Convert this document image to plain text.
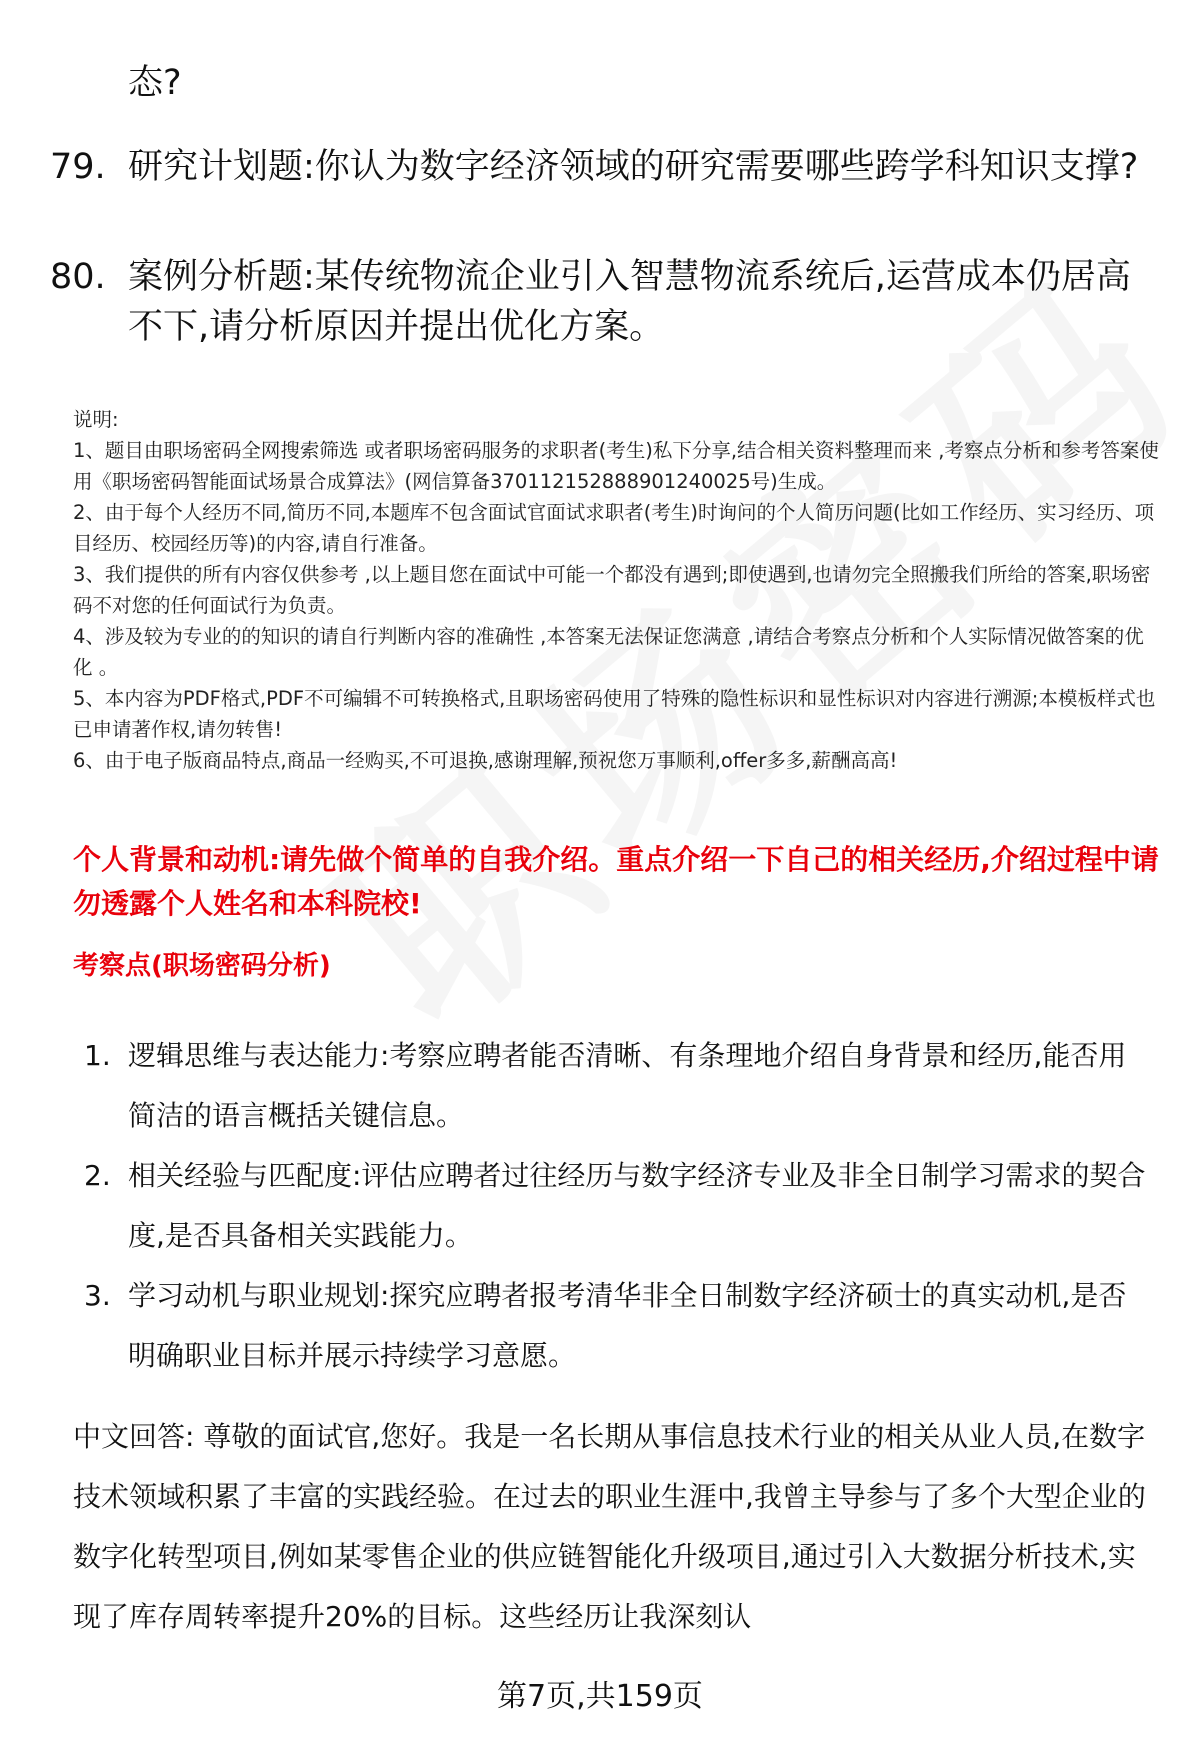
态?
79. 研究计划题:你认为数字经济领域的研究需要哪些跨学科知识支撑?
80. 案例分析题:某传统物流企业引入智慧物流系统后,运营成本仍居高不下,请分析原因并提出优化方案。

说明:

1、题目由职场密码全网搜索筛选 或者职场密码服务的求职者(考生)私下分享,结合相关资料整理而来 ,考察点分析和参考答案使用《职场密码智能面试场景合成算法》(网信算备370112152888901240025号)生成。

2、由于每个人经历不同,简历不同,本题库不包含面试官面试求职者(考生)时询问的个人简历问题(比如工作经历、实习经历、项目经历、校园经历等)的内容,请自行准备。

3、我们提供的所有内容仅供参考 ,以上题目您在面试中可能一个都没有遇到;即使遇到,也请勿完全照搬我们所给的答案,职场密码不对您的任何面试行为负责。

4、涉及较为专业的的知识的请自行判断内容的准确性 ,本答案无法保证您满意 ,请结合考察点分析和个人实际情况做答案的优化 。

5、本内容为PDF格式,PDF不可编辑不可转换格式,且职场密码使用了特殊的隐性标识和显性标识对内容进行溯源;本模板样式也已申请著作权,请勿转售!

6、由于电子版商品特点,商品一经购买,不可退换,感谢理解,预祝您万事顺利,offer多多,薪酬高高!

个人背景和动机:请先做个简单的自我介绍。重点介绍一下自己的相关经历,介绍过程中请勿透露个人姓名和本科院校!
考察点(职场密码分析)
1. 逻辑思维与表达能力:考察应聘者能否清晰、有条理地介绍自身背景和经历,能否用简洁的语言概括关键信息。
2. 相关经验与匹配度:评估应聘者过往经历与数字经济专业及非全日制学习需求的契合度,是否具备相关实践能力。
3. 学习动机与职业规划:探究应聘者报考清华非全日制数字经济硕士的真实动机,是否明确职业目标并展示持续学习意愿。
中文回答: 尊敬的面试官,您好。我是一名长期从事信息技术行业的相关从业人员,在数字技术领域积累了丰富的实践经验。在过去的职业生涯中,我曾主导参与了多个大型企业的数字化转型项目,例如某零售企业的供应链智能化升级项目,通过引入大数据分析技术,实现了库存周转率提升20%的目标。这些经历让我深刻认
第7页,共159页
